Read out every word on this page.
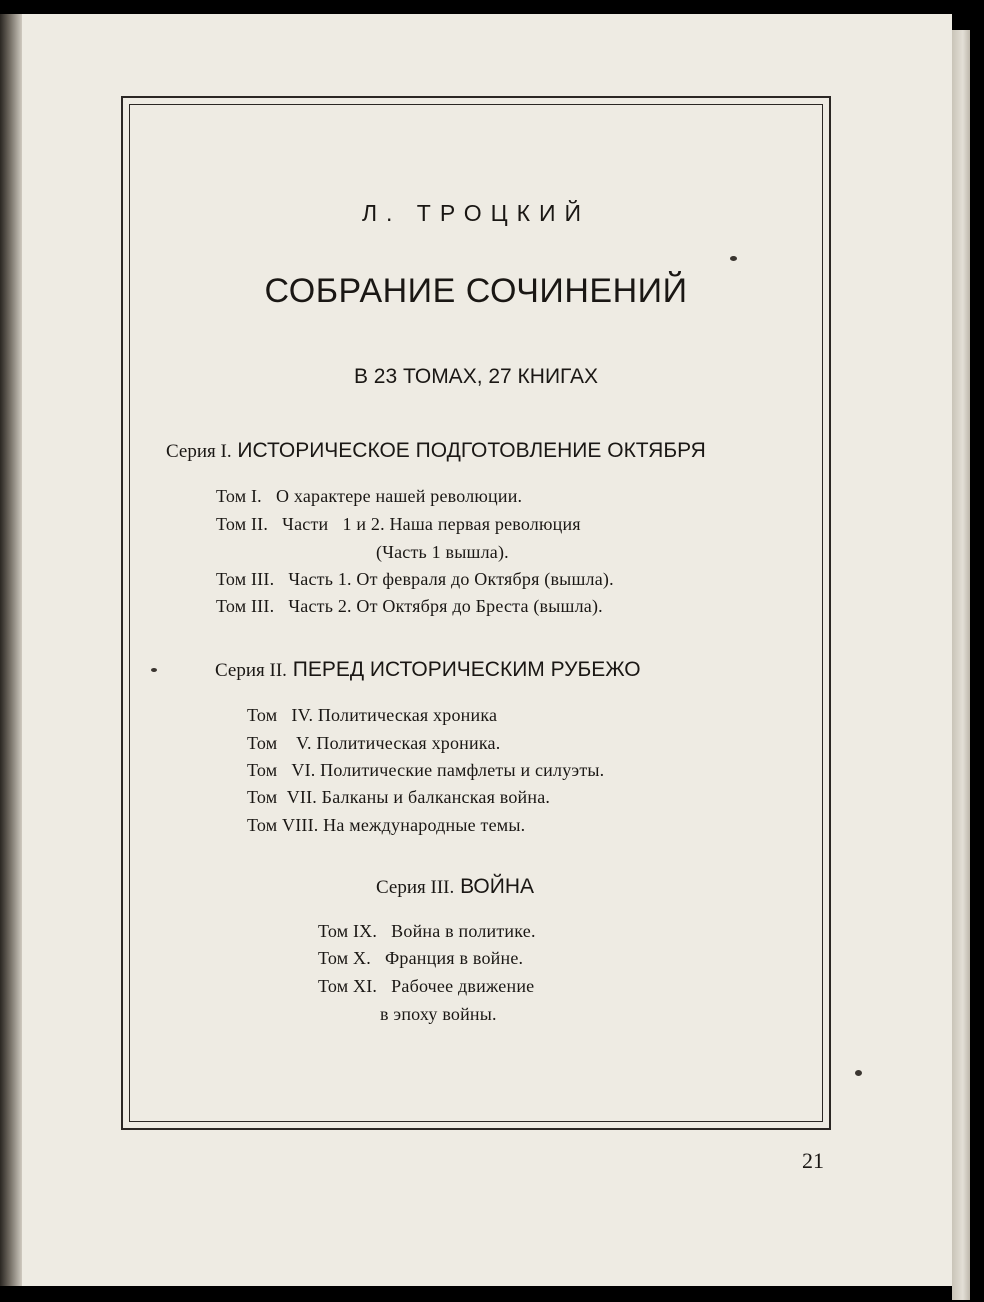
Л. ТРОЦКИЙ
СОБРАНИЕ СОЧИНЕНИЙ
В 23 ТОМАХ, 27 КНИГАХ
Серия I. ИСТОРИЧЕСКОЕ ПОДГОТОВЛЕНИЕ ОКТЯБРЯ
Том I.   О характере нашей революции.
Том II.   Части   1 и 2. Наша первая революция
(Часть 1 вышла).
Том III.   Часть 1. От февраля до Октября (вышла).
Том III.   Часть 2. От Октября до Бреста (вышла).
Серия II. ПЕРЕД ИСТОРИЧЕСКИМ РУБЕЖО
Том   IV. Политическая хроника
Том    V. Политическая хроника.
Том   VI. Политические памфлеты и силуэты.
Том  VII. Балканы и балканская война.
Том VIII. На международные темы.
Серия III. ВОЙНА
Том IX.   Война в политике.
Том X.   Франция в войне.
Том XI.   Рабочее движение
в эпоху войны.
21
